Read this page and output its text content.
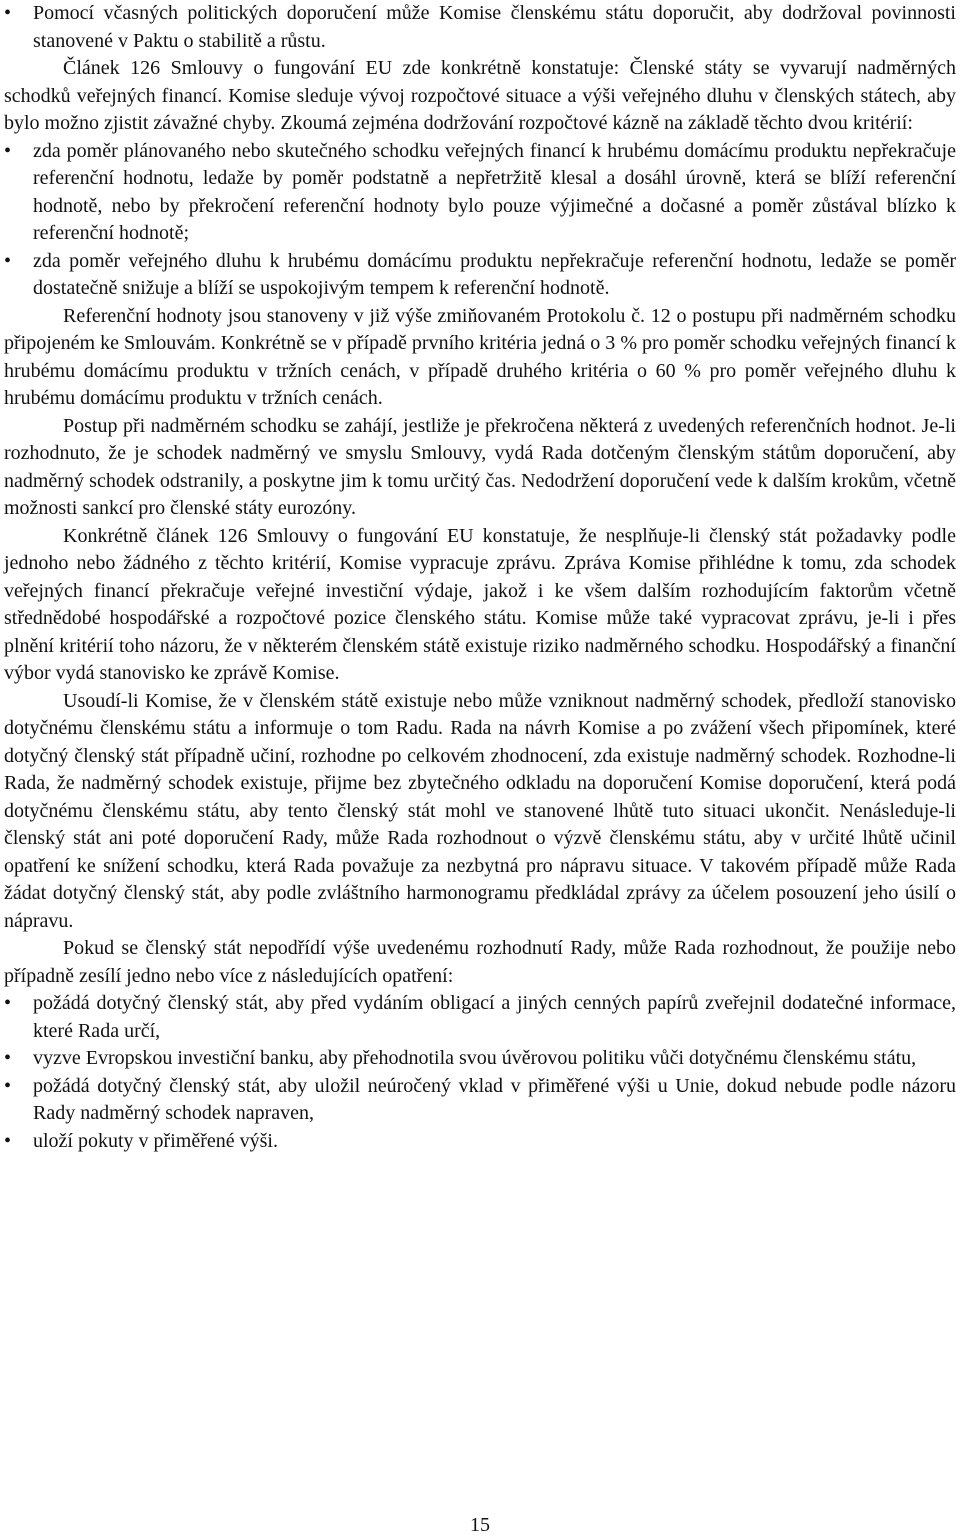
• Pomocí včasných politických doporučení může Komise členskému státu doporučit, aby dodržoval povinnosti stanovené v Paktu o stabilitě a růstu.
Článek 126 Smlouvy o fungování EU zde konkrétně konstatuje: Členské státy se vyvarují nadměrných schodků veřejných financí. Komise sleduje vývoj rozpočtové situace a výši veřejného dluhu v členských státech, aby bylo možno zjistit závažné chyby. Zkoumá zejména dodržování rozpočtové kázně na základě těchto dvou kritérií:
• zda poměr plánovaného nebo skutečného schodku veřejných financí k hrubému domácímu produktu nepřekračuje referenční hodnotu, ledaže by poměr podstatně a nepřetržitě klesal a dosáhl úrovně, která se blíží referenční hodnotě, nebo by překročení referenční hodnoty bylo pouze výjimečné a dočasné a poměr zůstával blízko k referenční hodnotě;
• zda poměr veřejného dluhu k hrubému domácímu produktu nepřekračuje referenční hodnotu, ledaže se poměr dostatečně snižuje a blíží se uspokojivým tempem k referenční hodnotě.
Referenční hodnoty jsou stanoveny v již výše zmiňovaném Protokolu č. 12 o postupu při nadměrném schodku připojeném ke Smlouvám. Konkrétně se v případě prvního kritéria jedná o 3 % pro poměr schodku veřejných financí k hrubému domácímu produktu v tržních cenách, v případě druhého kritéria o 60 % pro poměr veřejného dluhu k hrubému domácímu produktu v tržních cenách.
Postup při nadměrném schodku se zahájí, jestliže je překročena některá z uvedených referenčních hodnot. Je-li rozhodnuto, že je schodek nadměrný ve smyslu Smlouvy, vydá Rada dotčeným členským státům doporučení, aby nadměrný schodek odstranily, a poskytne jim k tomu určitý čas. Nedodržení doporučení vede k dalším krokům, včetně možnosti sankcí pro členské státy eurozóny.
Konkrétně článek 126 Smlouvy o fungování EU konstatuje, že nesplňuje-li členský stát požadavky podle jednoho nebo žádného z těchto kritérií, Komise vypracuje zprávu. Zpráva Komise přihlédne k tomu, zda schodek veřejných financí překračuje veřejné investiční výdaje, jakož i ke všem dalším rozhodujícím faktorům včetně střednědobé hospodářské a rozpočtové pozice členského státu. Komise může také vypracovat zprávu, je-li i přes plnění kritérií toho názoru, že v některém členském státě existuje riziko nadměrného schodku. Hospodářský a finanční výbor vydá stanovisko ke zprávě Komise.
Usoudí-li Komise, že v členském státě existuje nebo může vzniknout nadměrný schodek, předloží stanovisko dotyčnému členskému státu a informuje o tom Radu. Rada na návrh Komise a po zvážení všech připomínek, které dotyčný členský stát případně učiní, rozhodne po celkovém zhodnocení, zda existuje nadměrný schodek. Rozhodne-li Rada, že nadměrný schodek existuje, přijme bez zbytečného odkladu na doporučení Komise doporučení, která podá dotyčnému členskému státu, aby tento členský stát mohl ve stanovené lhůtě tuto situaci ukončit. Nenásleduje-li členský stát ani poté doporučení Rady, může Rada rozhodnout o výzvě členskému státu, aby v určité lhůtě učinil opatření ke snížení schodku, která Rada považuje za nezbytná pro nápravu situace. V takovém případě může Rada žádat dotyčný členský stát, aby podle zvláštního harmonogramu předkládal zprávy za účelem posouzení jeho úsilí o nápravu.
Pokud se členský stát nepodřídí výše uvedenému rozhodnutí Rady, může Rada rozhodnout, že použije nebo případně zesílí jedno nebo více z následujících opatření:
• požádá dotyčný členský stát, aby před vydáním obligací a jiných cenných papírů zveřejnil dodatečné informace, které Rada určí,
• vyzve Evropskou investiční banku, aby přehodnotila svou úvěrovou politiku vůči dotyčnému členskému státu,
• požádá dotyčný členský stát, aby uložil neúročený vklad v přiměřené výši u Unie, dokud nebude podle názoru Rady nadměrný schodek napraven,
• uloží pokuty v přiměřené výši.
15
